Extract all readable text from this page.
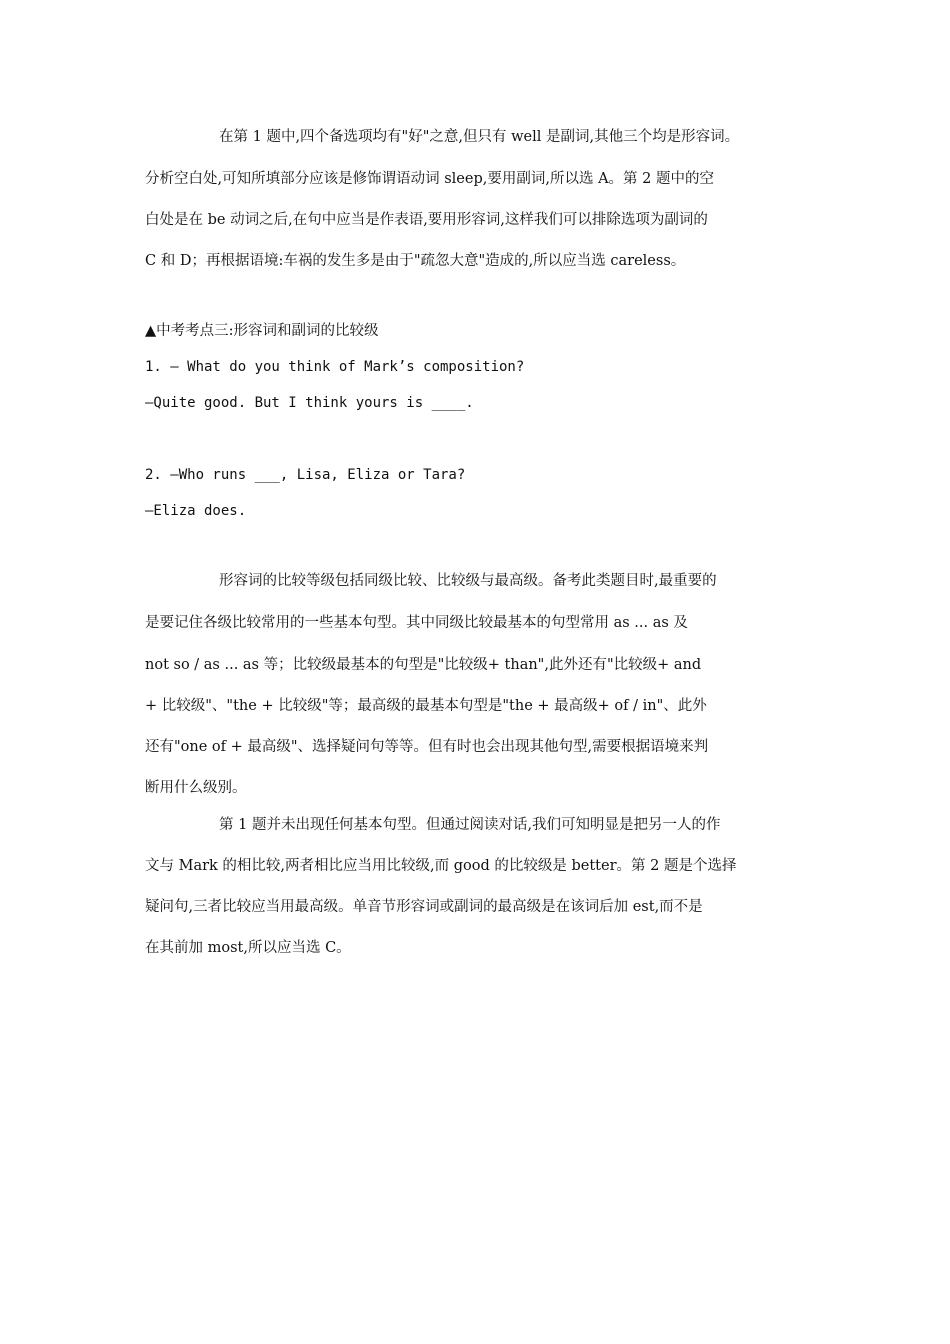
在第 1 题中,四个备选项均有"好"之意,但只有 well 是副词,其他三个均是形容词。
分析空白处,可知所填部分应该是修饰谓语动词 sleep,要用副词,所以选 A。第 2 题中的空
白处是在 be 动词之后,在句中应当是作表语,要用形容词,这样我们可以排除选项为副词的
C 和 D；再根据语境:车祸的发生多是由于"疏忽大意"造成的,所以应当选 careless。
▲中考考点三:形容词和副词的比较级
1. — What do you think of Mark’s composition?
—Quite good. But I think yours is ____.
2. —Who runs ___, Lisa, Eliza or Tara?
—Eliza does.
形容词的比较等级包括同级比较、比较级与最高级。备考此类题目时,最重要的
是要记住各级比较常用的一些基本句型。其中同级比较最基本的句型常用 as ... as 及
not so / as ... as 等；比较级最基本的句型是"比较级+ than",此外还有"比较级+ and
+ 比较级"、"the + 比较级"等；最高级的最基本句型是"the + 最高级+ of / in"、此外
还有"one of + 最高级"、选择疑问句等等。但有时也会出现其他句型,需要根据语境来判
断用什么级别。
第 1 题并未出现任何基本句型。但通过阅读对话,我们可知明显是把另一人的作
文与 Mark 的相比较,两者相比应当用比较级,而 good 的比较级是 better。第 2 题是个选择
疑问句,三者比较应当用最高级。单音节形容词或副词的最高级是在该词后加 est,而不是
在其前加 most,所以应当选 C。
